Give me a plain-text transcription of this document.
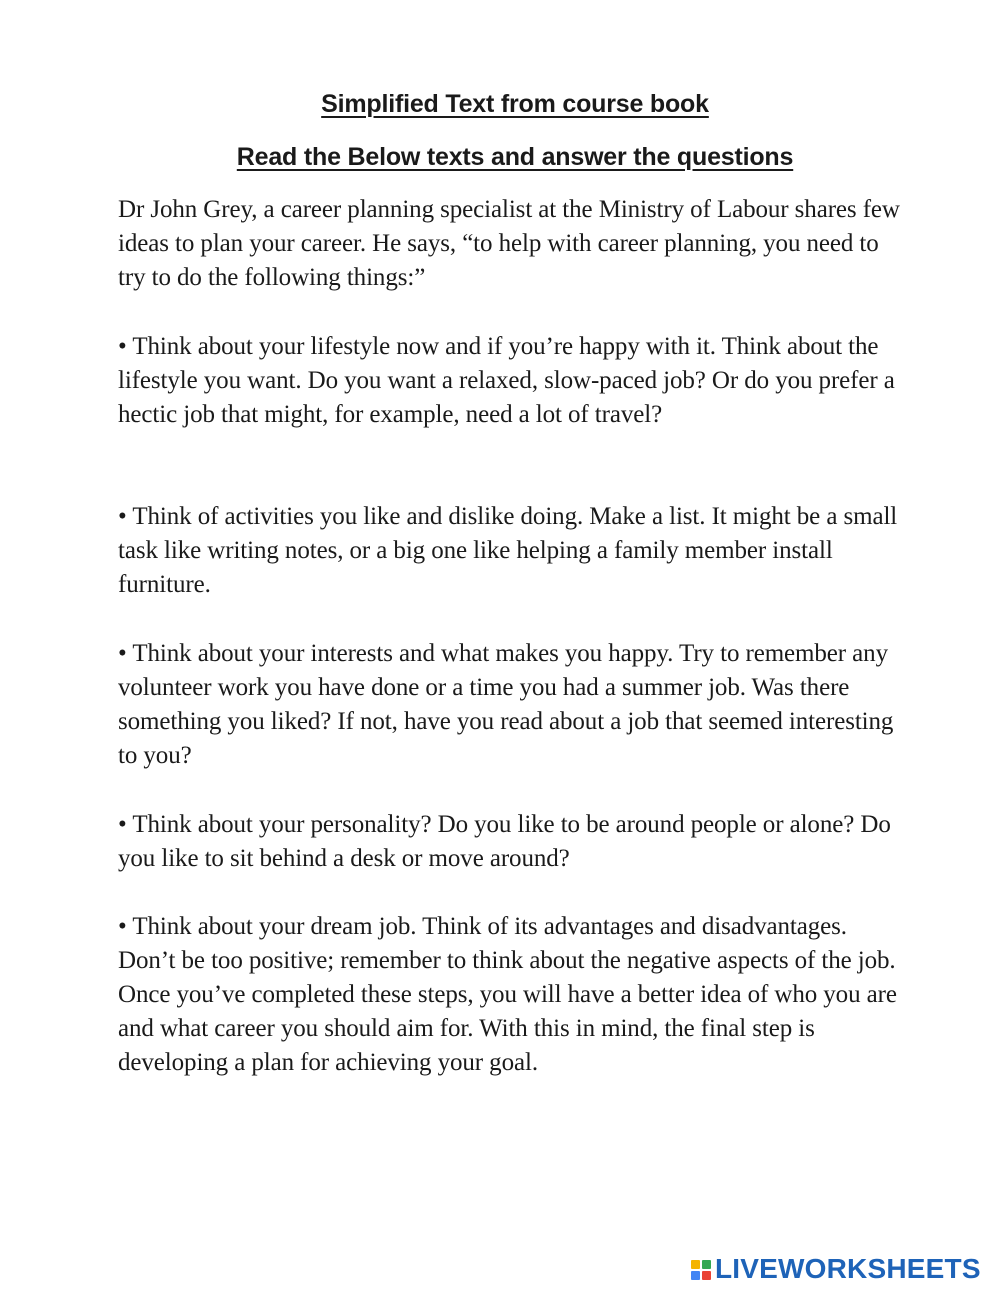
Simplified Text from course book
Read the Below texts and answer the questions

Dr John Grey, a career planning specialist at the Ministry of Labour shares few ideas to plan your career. He says, “to help with career planning, you need to try to do the following things:”

• Think about your lifestyle now and if you’re happy with it. Think about the lifestyle you want. Do you want a relaxed, slow-paced job? Or do you prefer a hectic job that might, for example, need a lot of travel?

• Think of activities you like and dislike doing. Make a list. It might be a small task like writing notes, or a big one like helping a family member install furniture.

• Think about your interests and what makes you happy. Try to remember any volunteer work you have done or a time you had a summer job. Was there something you liked? If not, have you read about a job that seemed interesting to you?

• Think about your personality? Do you like to be around people or alone? Do you like to sit behind a desk or move around?

• Think about your dream job. Think of its advantages and disadvantages. Don’t be too positive; remember to think about the negative aspects of the job. Once you’ve completed these steps, you will have a better idea of who you are and what career you should aim for. With this in mind, the final step is developing a plan for achieving your goal.

LIVEWORKSHEETS
